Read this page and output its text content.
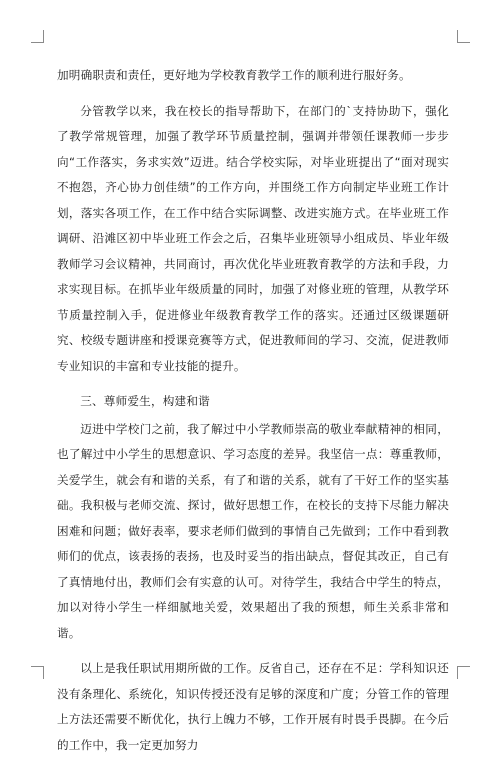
加明确职责和责任，更好地为学校教育教学工作的顺利进行服好务。

分管教学以来，我在校长的指导帮助下，在部门的`支持协助下，强化了教学常规管理，加强了教学环节质量控制，强调并带领任课教师一步步向“工作落实，务求实效”迈进。结合学校实际，对毕业班提出了“面对现实不抱怨，齐心协力创佳绩”的工作方向，并围绕工作方向制定毕业班工作计划，落实各项工作，在工作中结合实际调整、改进实施方式。在毕业班工作调研、沿滩区初中毕业班工作会之后，召集毕业班领导小组成员、毕业年级教师学习会议精神，共同商讨，再次优化毕业班教育教学的方法和手段，力求实现目标。在抓毕业年级质量的同时，加强了对修业班的管理，从教学环节质量控制入手，促进修业年级教育教学工作的落实。还通过区级课题研究、校级专题讲座和授课竞赛等方式，促进教师间的学习、交流，促进教师专业知识的丰富和专业技能的提升。

三、尊师爱生，构建和谐

迈进中学校门之前，我了解过中小学教师崇高的敬业奉献精神的相同，也了解过中小学生的思想意识、学习态度的差异。我坚信一点：尊重教师，关爱学生，就会有和谐的关系，有了和谐的关系，就有了干好工作的坚实基础。我积极与老师交流、探讨，做好思想工作，在校长的支持下尽能力解决困难和问题；做好表率，要求老师们做到的事情自己先做到；工作中看到教师们的优点，该表扬的表扬，也及时妥当的指出缺点，督促其改正，自己有了真情地付出，教师们会有实意的认可。对待学生，我结合中学生的特点，加以对待小学生一样细腻地关爱，效果超出了我的预想，师生关系非常和谐。

以上是我任职试用期所做的工作。反省自己，还存在不足：学科知识还没有条理化、系统化，知识传授还没有足够的深度和广度；分管工作的管理上方法还需要不断优化，执行上魄力不够，工作开展有时畏手畏脚。在今后的工作中，我一定更加努力
